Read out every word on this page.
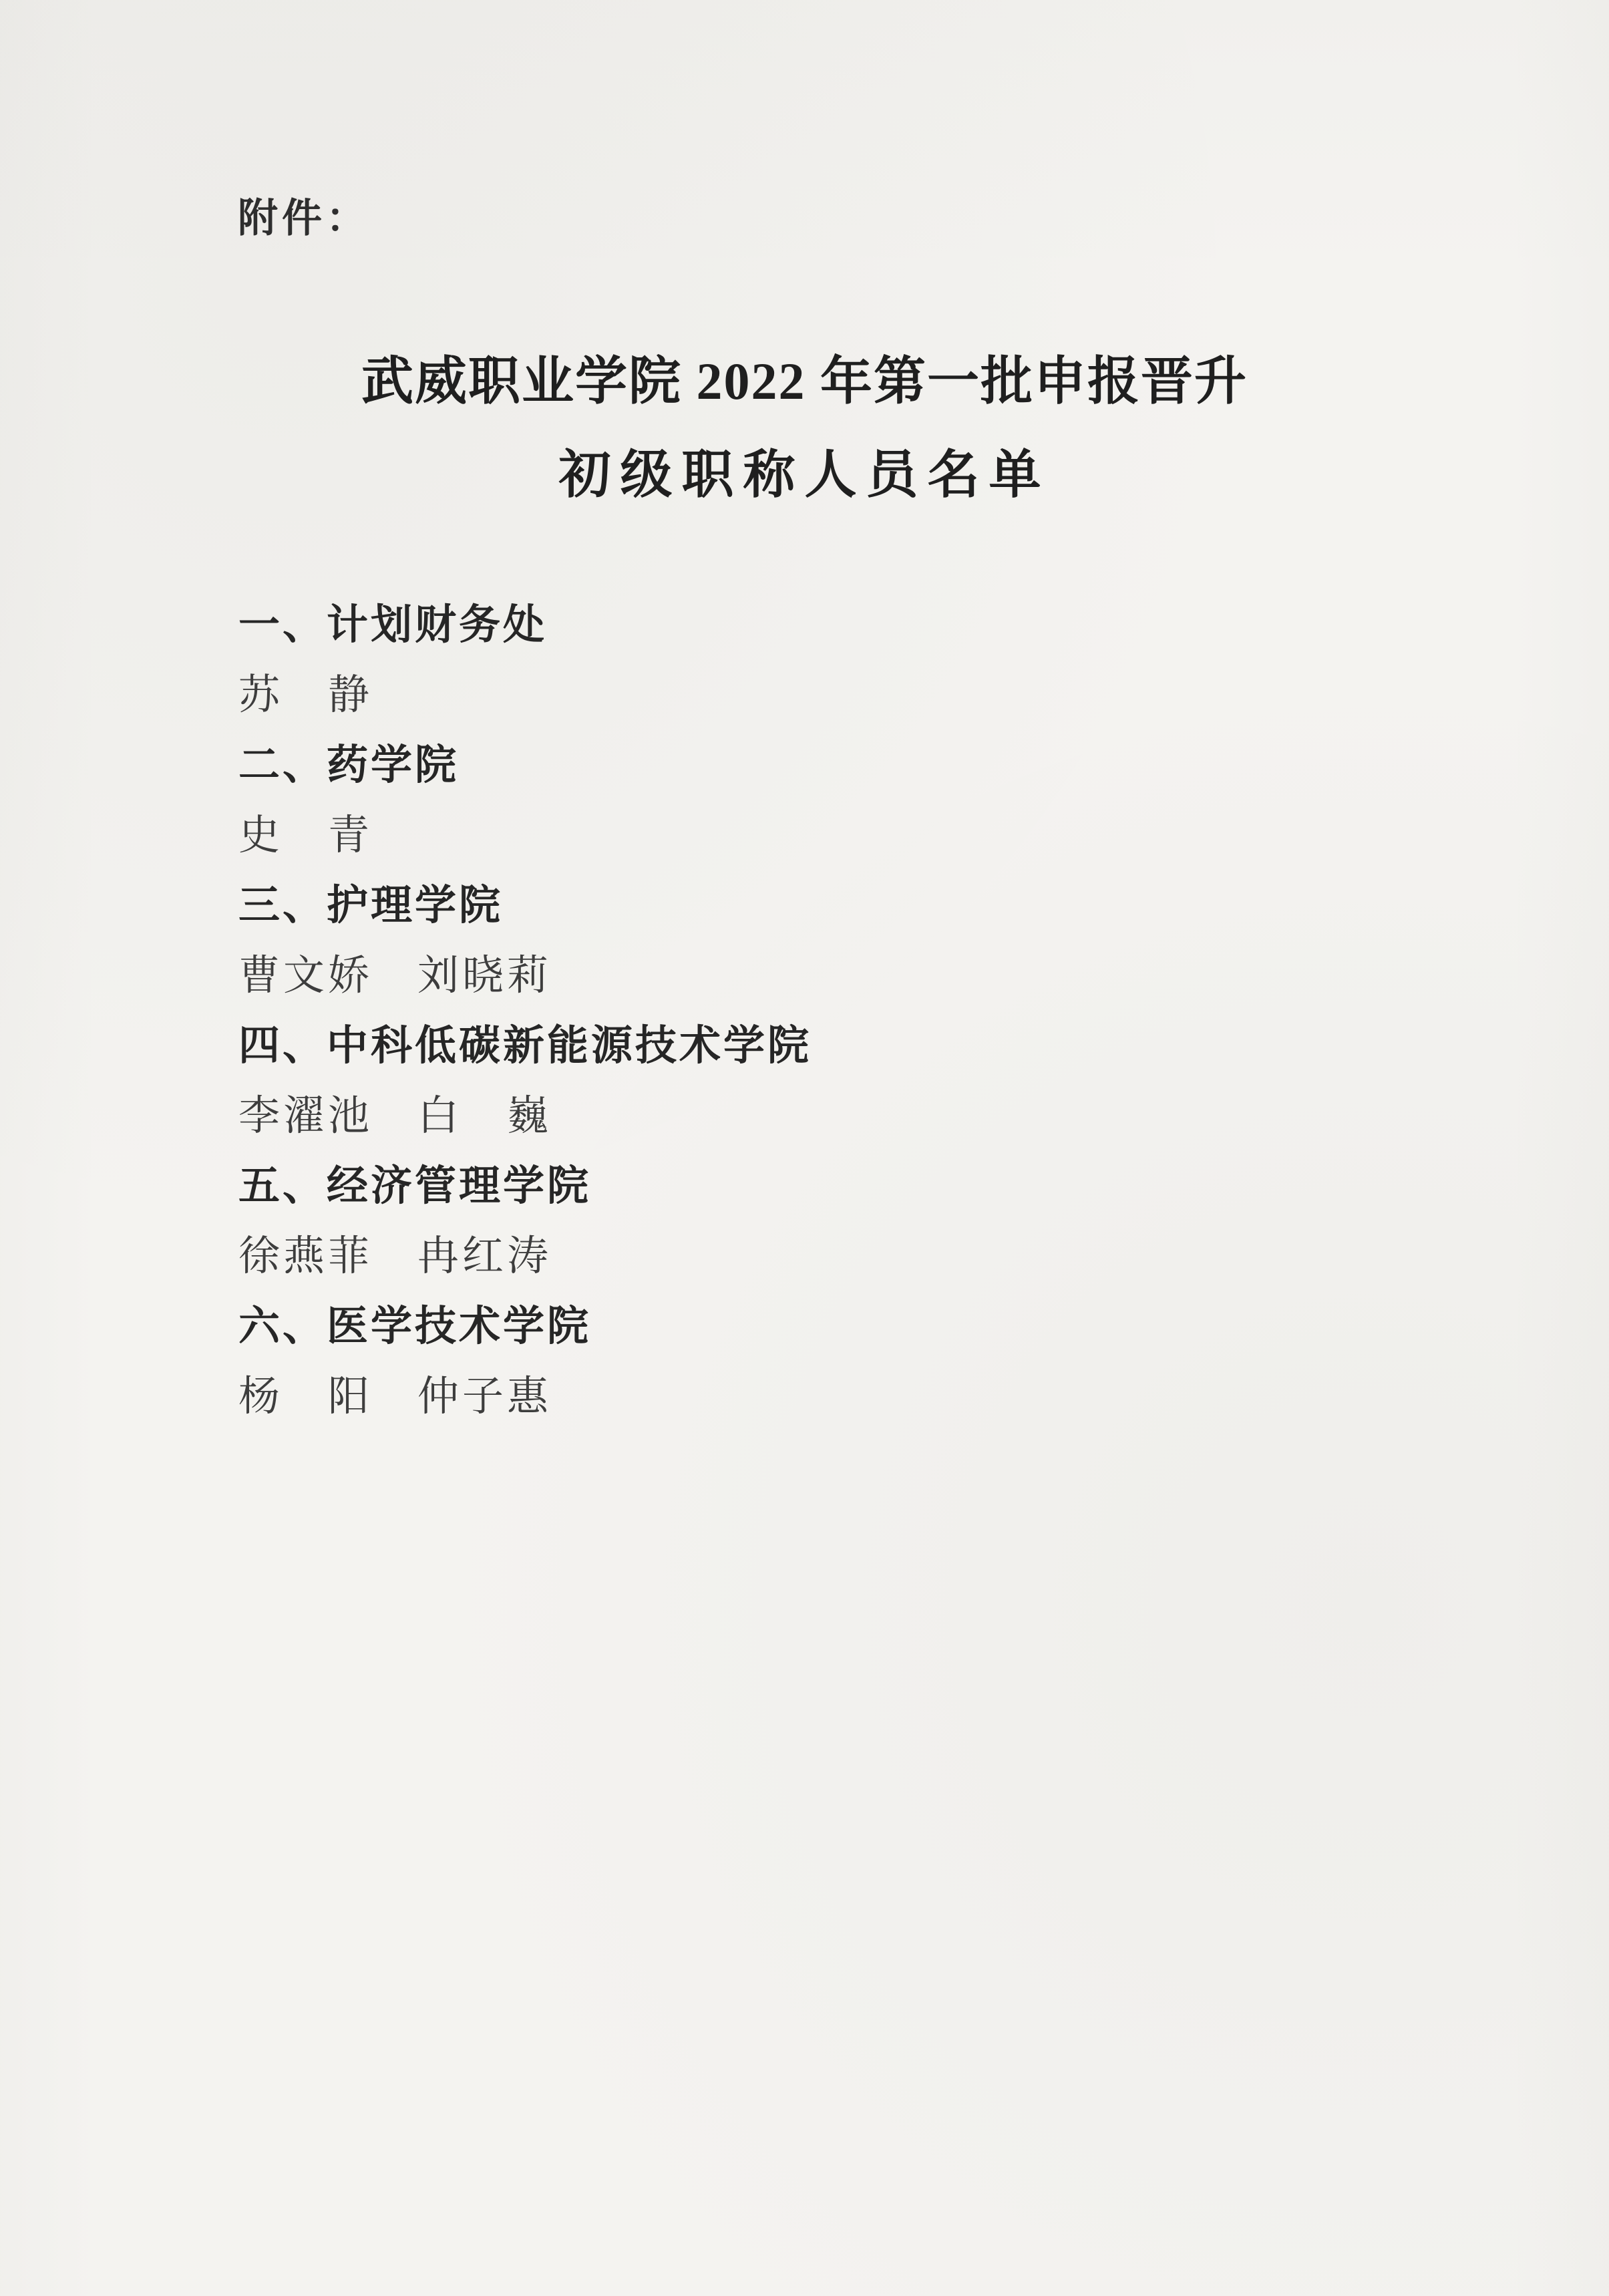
附件：
武威职业学院 2022 年第一批申报晋升
初级职称人员名单
一、计划财务处
苏　静
二、药学院
史　青
三、护理学院
曹文娇　刘晓莉
四、中科低碳新能源技术学院
李濯池　白　巍
五、经济管理学院
徐燕菲　冉红涛
六、医学技术学院
杨　阳　仲子惠
